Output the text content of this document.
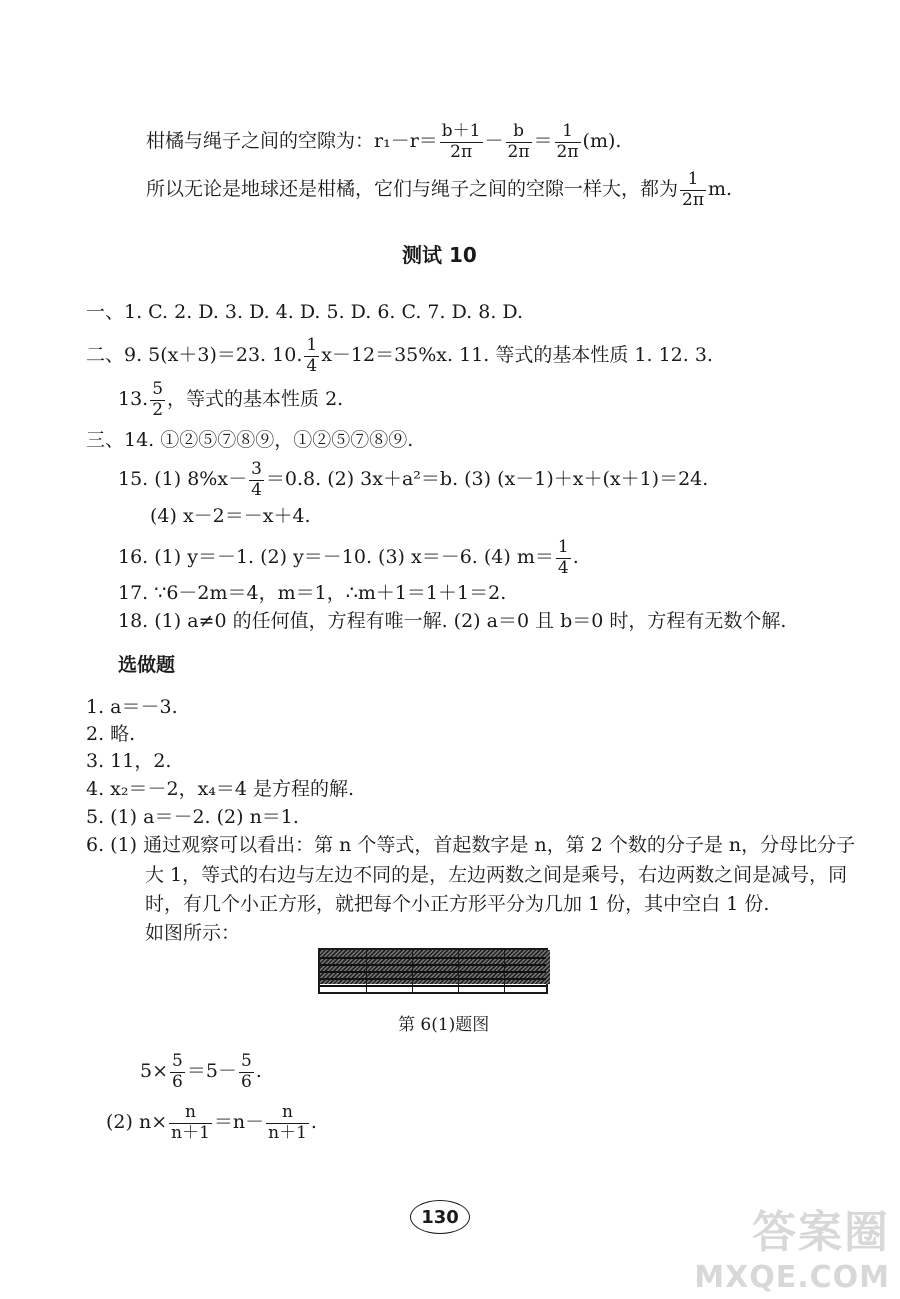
柑橘与绳子之间的空隙为：$r_1-r= \frac{b+1}{2\pi} - \frac{b}{2\pi} = \frac{1}{2\pi} (m)$.
所以无论是地球还是柑橘，它们与绳子之间的空隙一样大，都为 $\frac{1}{2\pi} m$.
测试 10
一、1. C. 2. D. 3. D. 4. D. 5. D. 6. C. 7. D. 8. D.
二、9. 5(x＋3)＝23. 10. $\frac{1}{4} x-12=35\%x$. 11. 等式的基本性质 1. 12. 3.
13. $\frac{5}{2}$ ，等式的基本性质 2.
三、14. ①②⑤⑦⑧⑨，①②⑤⑦⑧⑨.
15. (1) $8\%x- \frac{3}{4} =0.8$. (2) 3x＋a²＝b. (3) (x－1)＋x＋(x＋1)＝24.
(4) x－2＝－x＋4.
16. (1) y＝－1. (2) y＝－10. (3) x＝－6. (4) $m= \frac{1}{4}$ .
17. ∵6－2m＝4，m＝1，∴m＋1＝1＋1＝2.
18. (1) a≠0 的任何值，方程有唯一解. (2) a＝0 且 b＝0 时，方程有无数个解.
选做题
1. a＝－3.
2. 略.
3. 11，2.
4. x₂＝－2，x₄＝4 是方程的解.
5. (1) a＝－2. (2) n＝1.
6. (1) 通过观察可以看出：第 n 个等式，首起数字是 n，第 2 个数的分子是 n，分母比分子
大 1，等式的右边与左边不同的是，左边两数之间是乘号，右边两数之间是减号，同
时，有几个小正方形，就把每个小正方形平分为几加 1 份，其中空白 1 份.
如图所示：
第 6(1)题图
$5\times \frac{5}{6} =5- \frac{5}{6}$ .
(2) $n\times \frac{n}{n+1} =n- \frac{n}{n+1}$ .
130	答案圈
MXQE.COM
